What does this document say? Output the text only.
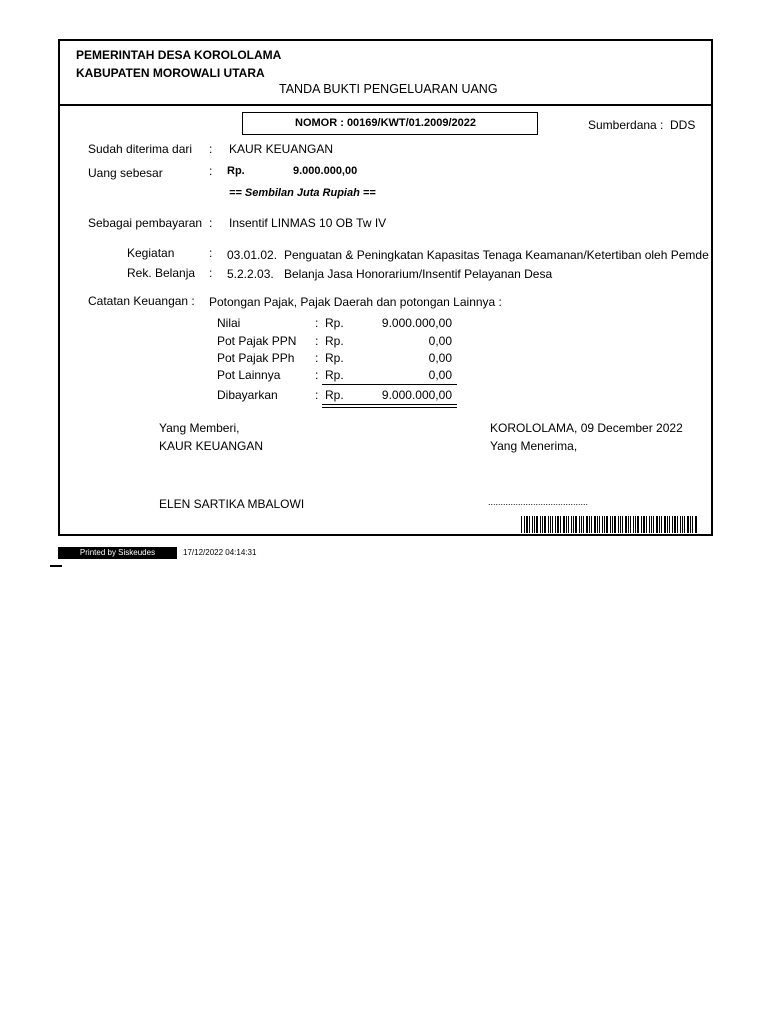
PEMERINTAH DESA KOROLOLAMA
KABUPATEN MOROWALI UTARA
TANDA BUKTI PENGELUARAN UANG
NOMOR : 00169/KWT/01.2009/2022	Sumberdana : DDS
Sudah diterima dari : KAUR KEUANGAN
Uang sebesar	: Rp.	9.000.000,00
== Sembilan Juta Rupiah ==
Sebagai pembayaran : Insentif LINMAS 10 OB Tw IV
Kegiatan	: 03.01.02. Penguatan & Peningkatan Kapasitas Tenaga Keamanan/Ketertiban oleh Pemde
Rek. Belanja : 5.2.2.03. Belanja Jasa Honorarium/Insentif Pelayanan Desa
Catatan Keuangan : Potongan Pajak, Pajak Daerah dan potongan Lainnya :
Nilai	: Rp.	9.000.000,00
Pot Pajak PPN : Rp.	0,00
Pot Pajak PPh : Rp.	0,00
Pot Lainnya	: Rp.	0,00
Dibayarkan	: Rp.	9.000.000,00
Yang Memberi,
KAUR KEUANGAN
ELEN SARTIKA MBALOWI
KOROLOLAMA, 09 December 2022
Yang Menerima,
........................................
Printed by Siskeudes	17/12/2022 04:14:31
